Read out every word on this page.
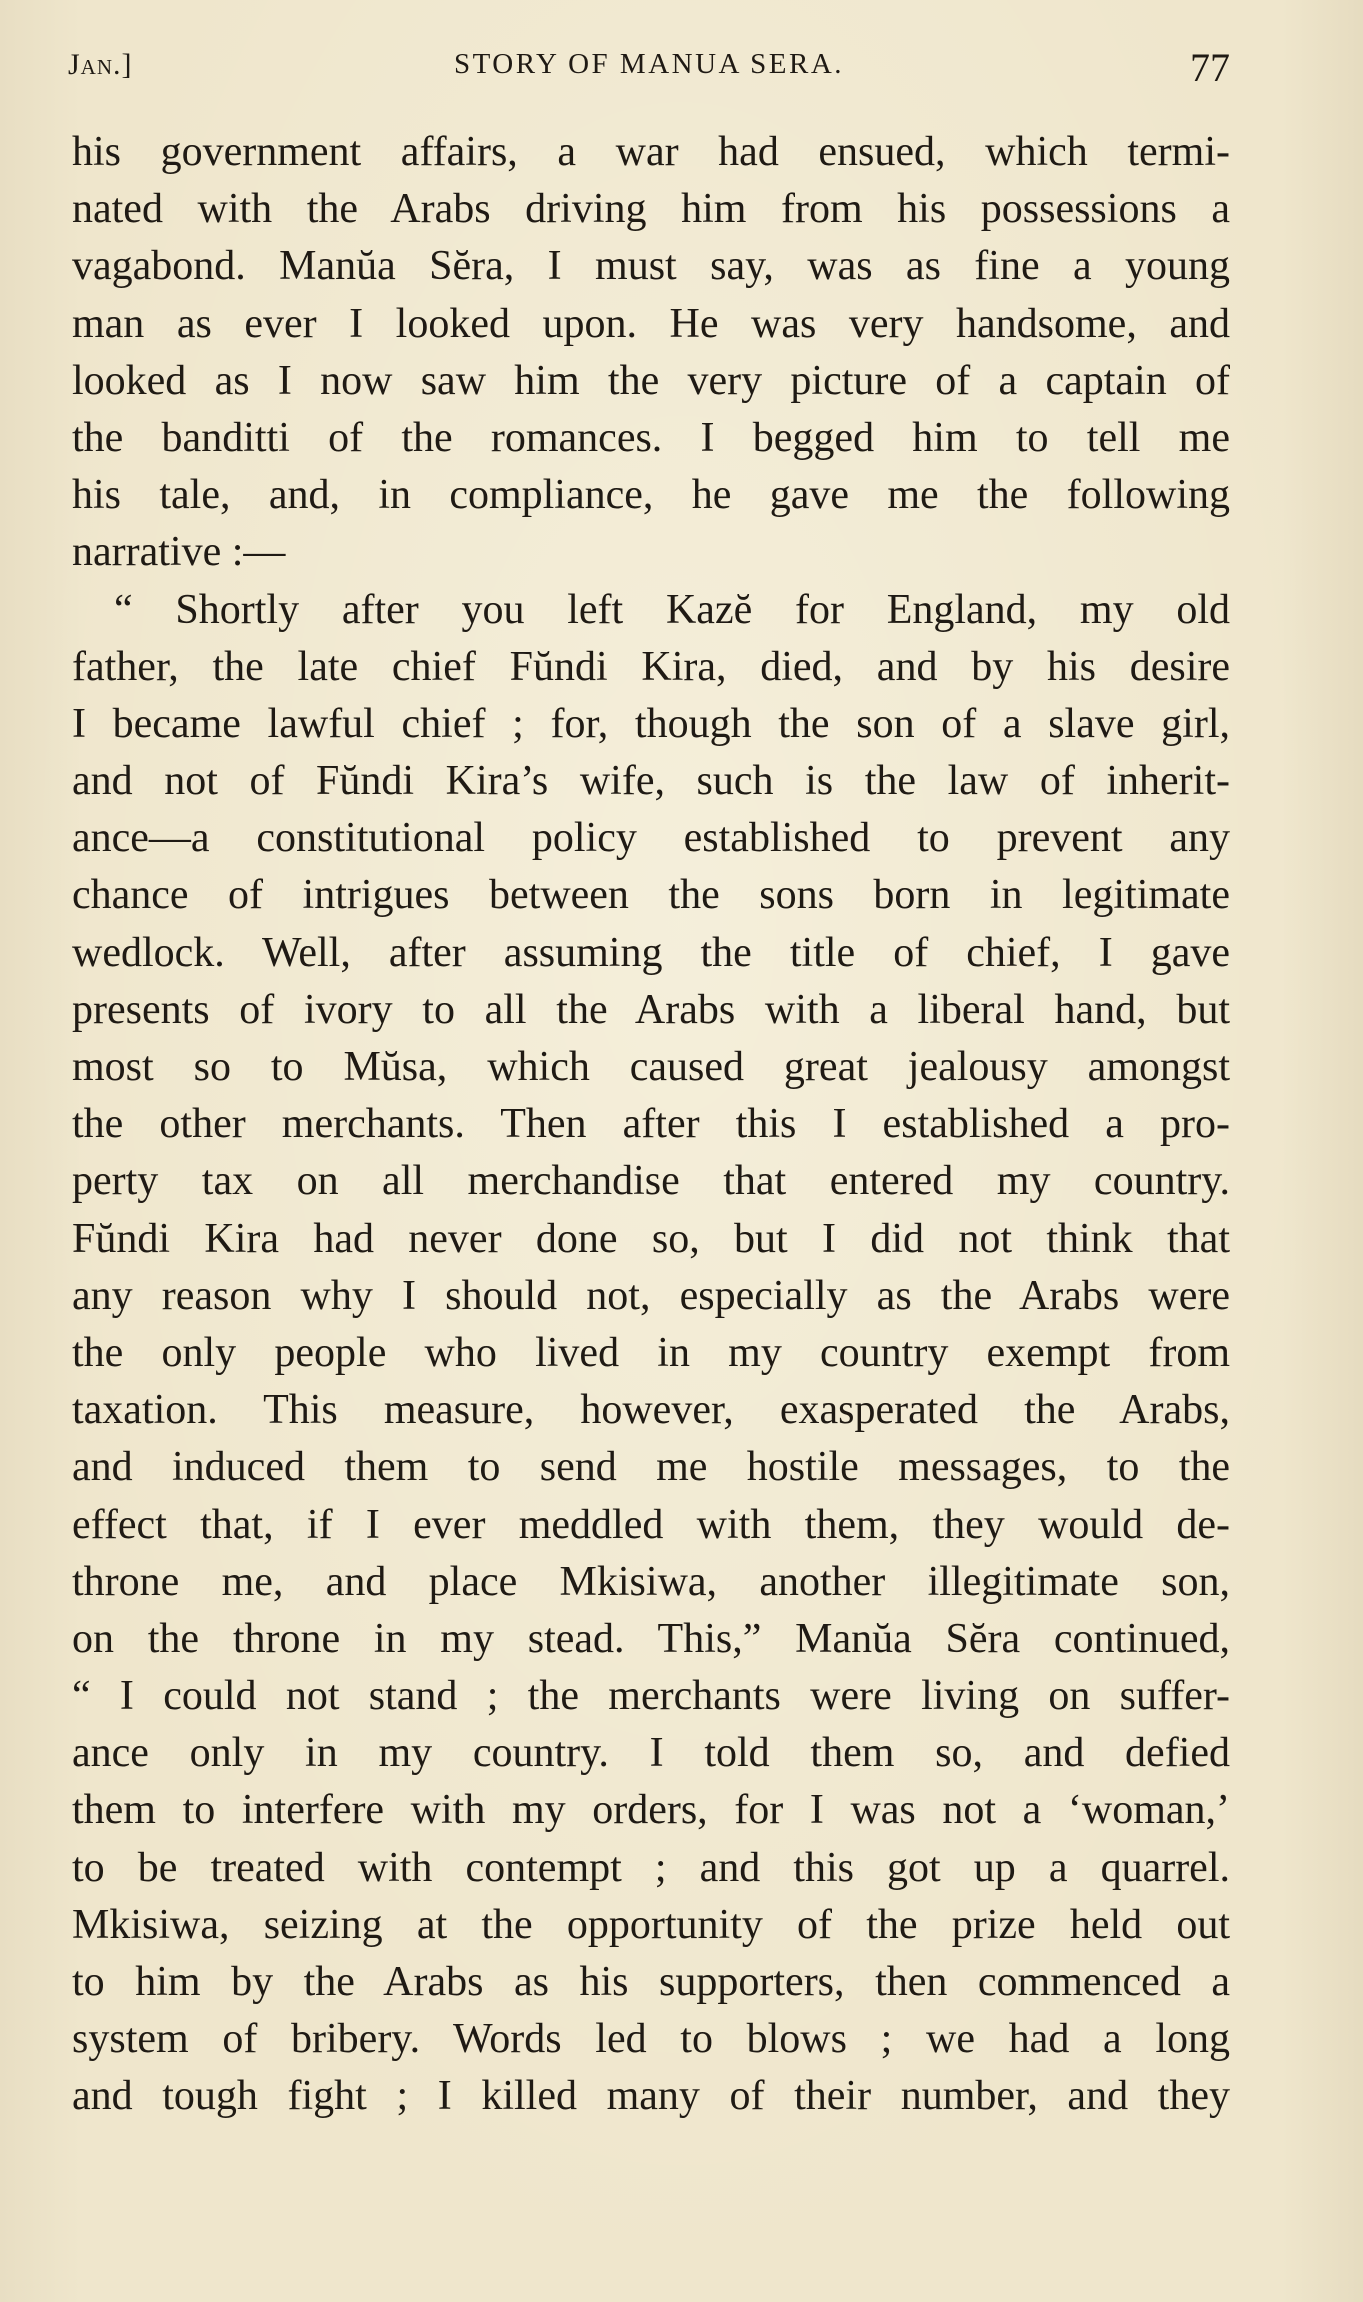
Jan.]	STORY OF MANUA SERA.	77
his government affairs, a war had ensued, which termi-
nated with the Arabs driving him from his possessions a
vagabond. Manŭa Sĕra, I must say, was as fine a young
man as ever I looked upon. He was very handsome, and
looked as I now saw him the very picture of a captain of
the banditti of the romances. I begged him to tell me
his tale, and, in compliance, he gave me the following
narrative :—
“ Shortly after you left Kazĕ for England, my old
father, the late chief Fŭndi Kira, died, and by his desire
I became lawful chief ; for, though the son of a slave girl,
and not of Fŭndi Kira’s wife, such is the law of inherit-
ance—a constitutional policy established to prevent any
chance of intrigues between the sons born in legitimate
wedlock. Well, after assuming the title of chief, I gave
presents of ivory to all the Arabs with a liberal hand, but
most so to Mŭsa, which caused great jealousy amongst
the other merchants. Then after this I established a pro-
perty tax on all merchandise that entered my country.
Fŭndi Kira had never done so, but I did not think that
any reason why I should not, especially as the Arabs were
the only people who lived in my country exempt from
taxation. This measure, however, exasperated the Arabs,
and induced them to send me hostile messages, to the
effect that, if I ever meddled with them, they would de-
throne me, and place Mkisiwa, another illegitimate son,
on the throne in my stead. This,” Manŭa Sĕra continued,
“ I could not stand ; the merchants were living on suffer-
ance only in my country. I told them so, and defied
them to interfere with my orders, for I was not a ‘woman,’
to be treated with contempt ; and this got up a quarrel.
Mkisiwa, seizing at the opportunity of the prize held out
to him by the Arabs as his supporters, then commenced a
system of bribery. Words led to blows ; we had a long
and tough fight ; I killed many of their number, and they
